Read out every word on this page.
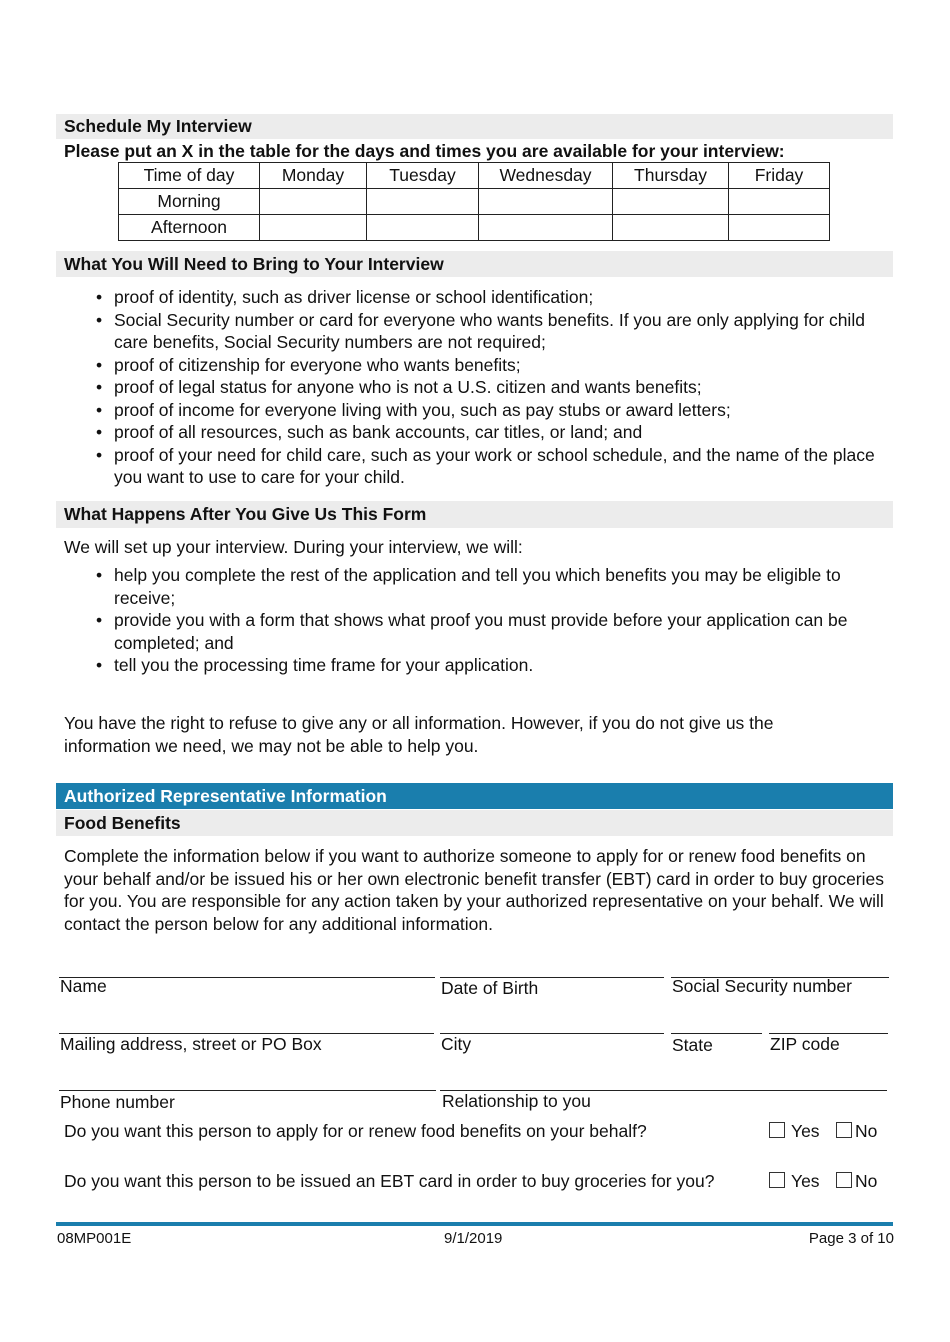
Schedule My Interview
Please put an X in the table for the days and times you are available for your interview:
Time of day	Monday	Tuesday	Wednesday	Thursday	Friday
Morning					
Afternoon					
What You Will Need to Bring to Your Interview
• proof of identity, such as driver license or school identification;
• Social Security number or card for everyone who wants benefits. If you are only applying for child care benefits, Social Security numbers are not required;
• proof of citizenship for everyone who wants benefits;
• proof of legal status for anyone who is not a U.S. citizen and wants benefits;
• proof of income for everyone living with you, such as pay stubs or award letters;
• proof of all resources, such as bank accounts, car titles, or land; and
• proof of your need for child care, such as your work or school schedule, and the name of the place you want to use to care for your child.
What Happens After You Give Us This Form
We will set up your interview. During your interview, we will:
• help you complete the rest of the application and tell you which benefits you may be eligible to receive;
• provide you with a form that shows what proof you must provide before your application can be completed; and
• tell you the processing time frame for your application.
You have the right to refuse to give any or all information. However, if you do not give us the information we need, we may not be able to help you.
Authorized Representative Information
Food Benefits
Complete the information below if you want to authorize someone to apply for or renew food benefits on your behalf and/or be issued his or her own electronic benefit transfer (EBT) card in order to buy groceries for you. You are responsible for any action taken by your authorized representative on your behalf. We will contact the person below for any additional information.
Name	Date of Birth	Social Security number
Mailing address, street or PO Box	City	State	ZIP code
Phone number	Relationship to you
Do you want this person to apply for or renew food benefits on your behalf?	Yes	No
Do you want this person to be issued an EBT card in order to buy groceries for you?	Yes	No
08MP001E	9/1/2019	Page 3 of 10
